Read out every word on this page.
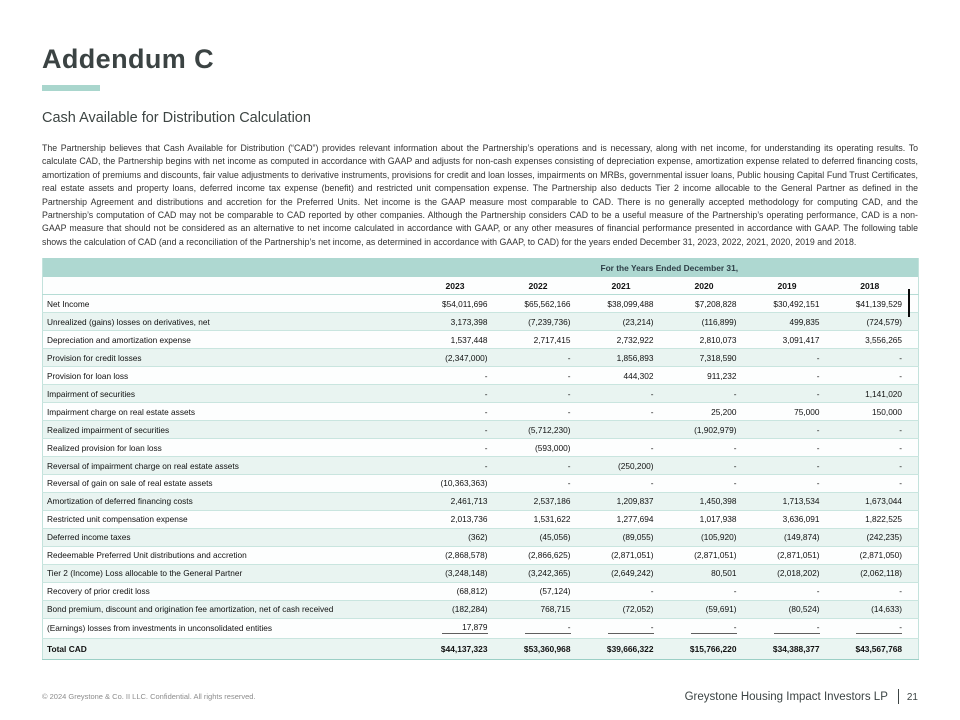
Addendum C
Cash Available for Distribution Calculation

The Partnership believes that Cash Available for Distribution (“CAD”) provides relevant information about the Partnership’s operations and is necessary, along with net income, for understanding its operating results. To calculate CAD, the Partnership begins with net income as computed in accordance with GAAP and adjusts for non-cash expenses consisting of depreciation expense, amortization expense related to deferred financing costs, amortization of premiums and discounts, fair value adjustments to derivative instruments, provisions for credit and loan losses, impairments on MRBs, governmental issuer loans, Public housing Capital Fund Trust Certificates, real estate assets and property loans, deferred income tax expense (benefit) and restricted unit compensation expense. The Partnership also deducts Tier 2 income allocable to the General Partner as defined in the Partnership Agreement and distributions and accretion for the Preferred Units. Net income is the GAAP measure most comparable to CAD. There is no generally accepted methodology for computing CAD, and the Partnership’s computation of CAD may not be comparable to CAD reported by other companies. Although the Partnership considers CAD to be a useful measure of the Partnership’s operating performance, CAD is a non-GAAP measure that should not be considered as an alternative to net income calculated in accordance with GAAP, or any other measures of financial performance presented in accordance with GAAP. The following table shows the calculation of CAD (and a reconciliation of the Partnership’s net income, as determined in accordance with GAAP, to CAD) for the years ended December 31, 2023, 2022, 2021, 2020, 2019 and 2018.

	For the Years Ended December 31,					
	2023	2022	2021	2020	2019	2018
Net Income	$54,011,696	$65,562,166	$38,099,488	$7,208,828	$30,492,151	$41,139,529
Unrealized (gains) losses on derivatives, net	3,173,398	(7,239,736)	(23,214)	(116,899)	499,835	(724,579)
Depreciation and amortization expense	1,537,448	2,717,415	2,732,922	2,810,073	3,091,417	3,556,265
Provision for credit losses	(2,347,000)	-	1,856,893	7,318,590	-	-
Provision for loan loss	-	-	444,302	911,232	-	-
Impairment of securities	-	-	-	-	-	1,141,020
Impairment charge on real estate assets	-	-	-	25,200	75,000	150,000
Realized impairment of securities	-	(5,712,230)		(1,902,979)	-	-
Realized provision for loan loss	-	(593,000)	-	-	-	-
Reversal of impairment charge on real estate assets	-	-	(250,200)	-	-	-
Reversal of gain on sale of real estate assets	(10,363,363)	-	-	-	-	-
Amortization of deferred financing costs	2,461,713	2,537,186	1,209,837	1,450,398	1,713,534	1,673,044
Restricted unit compensation expense	2,013,736	1,531,622	1,277,694	1,017,938	3,636,091	1,822,525
Deferred income taxes	(362)	(45,056)	(89,055)	(105,920)	(149,874)	(242,235)
Redeemable Preferred Unit distributions and accretion	(2,868,578)	(2,866,625)	(2,871,051)	(2,871,051)	(2,871,051)	(2,871,050)
Tier 2 (Income) Loss allocable to the General Partner	(3,248,148)	(3,242,365)	(2,649,242)	80,501	(2,018,202)	(2,062,118)
Recovery of prior credit loss	(68,812)	(57,124)	-	-	-	-
Bond premium, discount and origination fee amortization, net of cash received	(182,284)	768,715	(72,052)	(59,691)	(80,524)	(14,633)
(Earnings) losses from investments in unconsolidated entities	17,879	-	-	-	-	-
Total CAD	$44,137,323	$53,360,968	$39,666,322	$15,766,220	$34,388,377	$43,567,768
© 2024 Greystone & Co. II LLC. Confidential. All rights reserved.	Greystone Housing Impact Investors LP 21
